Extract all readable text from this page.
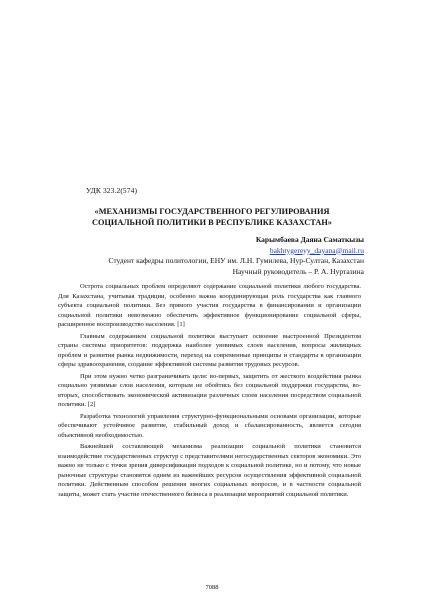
УДК 323.2(574)
«МЕХАНИЗМЫ ГОСУДАРСТВЕННОГО РЕГУЛИРОВАНИЯ
СОЦИАЛЬНОЙ ПОЛИТИКИ В РЕСПУБЛИКЕ КАЗАХСТАН»
Карымбаева Даяна Саматкызы
bakhtygereyy_dayana@mail.ru
Студент кафедры политологии, ЕНУ им. Л.Н. Гумилева, Нур-Султан, Казахстан
Научный руководитель – Р. А. Нуртазина

Острота социальных проблем определяют содержание социальной политики любого государства. Для Казахстана, учитывая традиции, особенно важна координирующая роль государства как главного субъекта социальной политики. Без прямого участия государства в финансировании и организации социальной политики невозможно обеспечить эффективное функционирование социальной сферы, расширенное воспроизводство населения. [1]

Главным содержанием социальной политики выступает освоение выстроенной Президентом страны системы приоритетов: поддержка наиболее уязвимых слоев населения, вопросы жилищных проблем и развития рынка недвижимости, переход на современные принципы и стандарты в организации сферы здравоохранения, создание эффективной системы развития трудовых ресурсов.

При этом нужно четко разграничивать цели: во-первых, защитить от жесткого воздействия рынка социально уязвимые слои населения, которым не обойтись без социальной поддержки государства, во-вторых, способствовать экономической активизации различных слоев населения посредством социальной политики. [2]

Разработка технологий управления структурно-функциональными основами организации, которые обеспечивают устойчивое развитие, стабильный доход и сбалансированность, является сегодня объективной необходимостью.

Важнейшей составляющей механизма реализации социальной политики становится взаимодействие государственных структур с представителями негосударственных секторов экономики. Это важно не только с точки зрения диверсификации подходов к социальной политике, но и потому, что новые рыночные структуры становятся одним из важнейших ресурсов осуществления эффективной социальной политики. Действенным способом решения многих социальных вопросов, и в частности социальной защиты, может стать участие отечественного бизнеса в реализации мероприятий социальной политики.

7088
